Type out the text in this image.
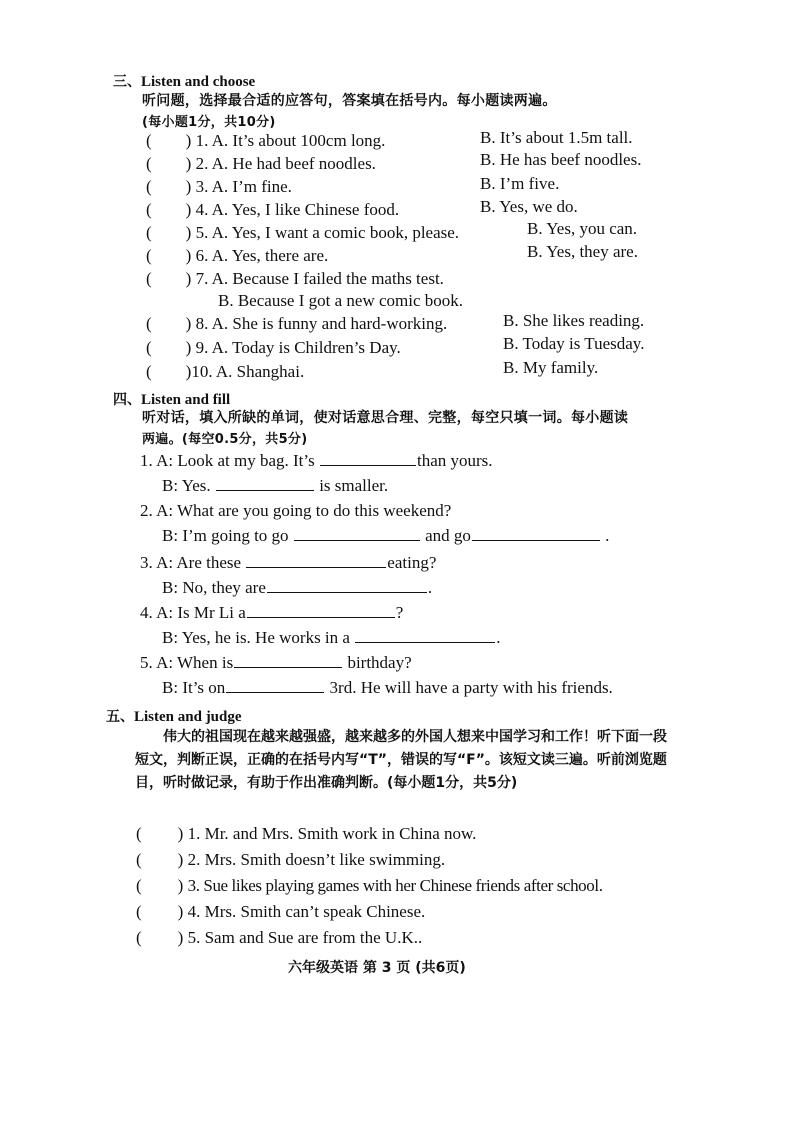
三、Listen and choose
听问题，选择最合适的应答句，答案填在括号内。每小题读两遍。
(每小题1分，共10分)
( ) 1. A. It’s about 100cm long.	B. It’s about 1.5m tall.
( ) 2. A. He had beef noodles.	B. He has beef noodles.
( ) 3. A. I’m fine.	B. I’m five.
( ) 4. A. Yes, I like Chinese food.	B. Yes, we do.
( ) 5. A. Yes, I want a comic book, please.	B. Yes, you can.
( ) 6. A. Yes, there are.	B. Yes, they are.
( ) 7. A. Because I failed the maths test.
B. Because I got a new comic book.
( ) 8. A. She is funny and hard-working.	B. She likes reading.
( ) 9. A. Today is Children’s Day.	B. Today is Tuesday.
( )10. A. Shanghai.	B. My family.
四、Listen and fill
听对话，填入所缺的单词，使对话意思合理、完整，每空只填一词。每小题读
两遍。(每空0.5分，共5分)
1. A: Look at my bag. It’s	than yours.
B: Yes.	is smaller.
2. A: What are you going to do this weekend?
B: I’m going to go	and go	.
3. A: Are these	eating?
B: No, they are	.
4. A: Is Mr Li a	?
B: Yes, he is. He works in a	.
5. A: When is	birthday?
B: It’s on	3rd. He will have a party with his friends.
五、Listen and judge
伟大的祖国现在越来越强盛，越来越多的外国人想来中国学习和工作！听下面一段短文，判断正误，正确的在括号内写“T”，错误的写“F”。该短文读三遍。听前浏览题目，听时做记录，有助于作出准确判断。(每小题1分，共5分)
( ) 1. Mr. and Mrs. Smith work in China now.
( ) 2. Mrs. Smith doesn’t like swimming.
( ) 3. Sue likes playing games with her Chinese friends after school.
( ) 4. Mrs. Smith can’t speak Chinese.
( ) 5. Sam and Sue are from the U.K..
六年级英语 第 3 页 (共6页)
